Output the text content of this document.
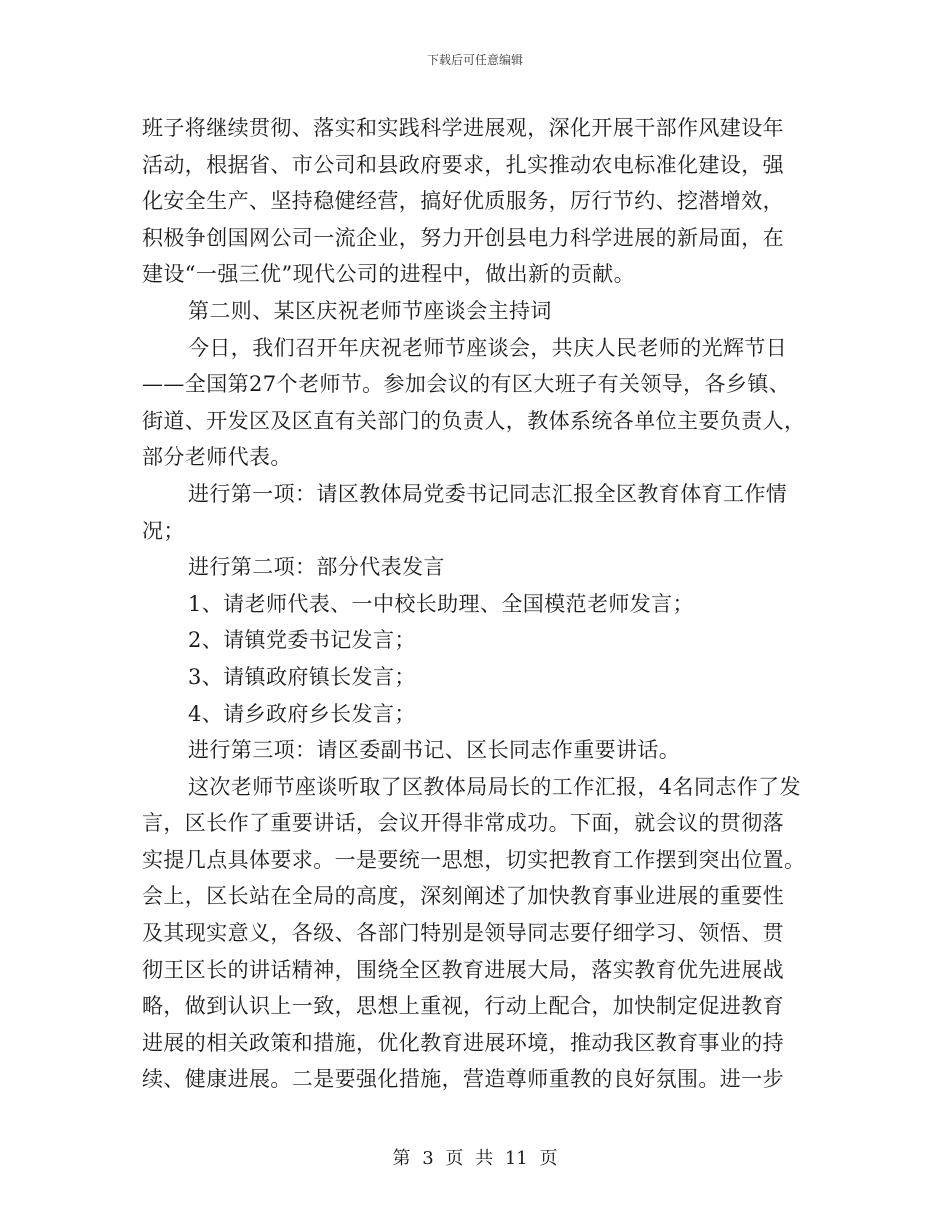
下载后可任意编辑
班子将继续贯彻、落实和实践科学进展观，深化开展干部作风建设年
活动，根据省、市公司和县政府要求，扎实推动农电标准化建设，强
化安全生产、坚持稳健经营，搞好优质服务，厉行节约、挖潜增效，
积极争创国网公司一流企业，努力开创县电力科学进展的新局面，在
建设“一强三优”现代公司的进程中，做出新的贡献。
第二则、某区庆祝老师节座谈会主持词
今日，我们召开年庆祝老师节座谈会，共庆人民老师的光辉节日
——全国第27个老师节。参加会议的有区大班子有关领导，各乡镇、
街道、开发区及区直有关部门的负责人，教体系统各单位主要负责人，
部分老师代表。
进行第一项：请区教体局党委书记同志汇报全区教育体育工作情
况；
进行第二项：部分代表发言
1、请老师代表、一中校长助理、全国模范老师发言；
2、请镇党委书记发言；
3、请镇政府镇长发言；
4、请乡政府乡长发言；
进行第三项：请区委副书记、区长同志作重要讲话。
这次老师节座谈听取了区教体局局长的工作汇报，4名同志作了发
言，区长作了重要讲话，会议开得非常成功。下面，就会议的贯彻落
实提几点具体要求。一是要统一思想，切实把教育工作摆到突出位置。
会上，区长站在全局的高度，深刻阐述了加快教育事业进展的重要性
及其现实意义，各级、各部门特别是领导同志要仔细学习、领悟、贯
彻王区长的讲话精神，围绕全区教育进展大局，落实教育优先进展战
略，做到认识上一致，思想上重视，行动上配合，加快制定促进教育
进展的相关政策和措施，优化教育进展环境，推动我区教育事业的持
续、健康进展。二是要强化措施，营造尊师重教的良好氛围。进一步
第 3 页 共 11 页
